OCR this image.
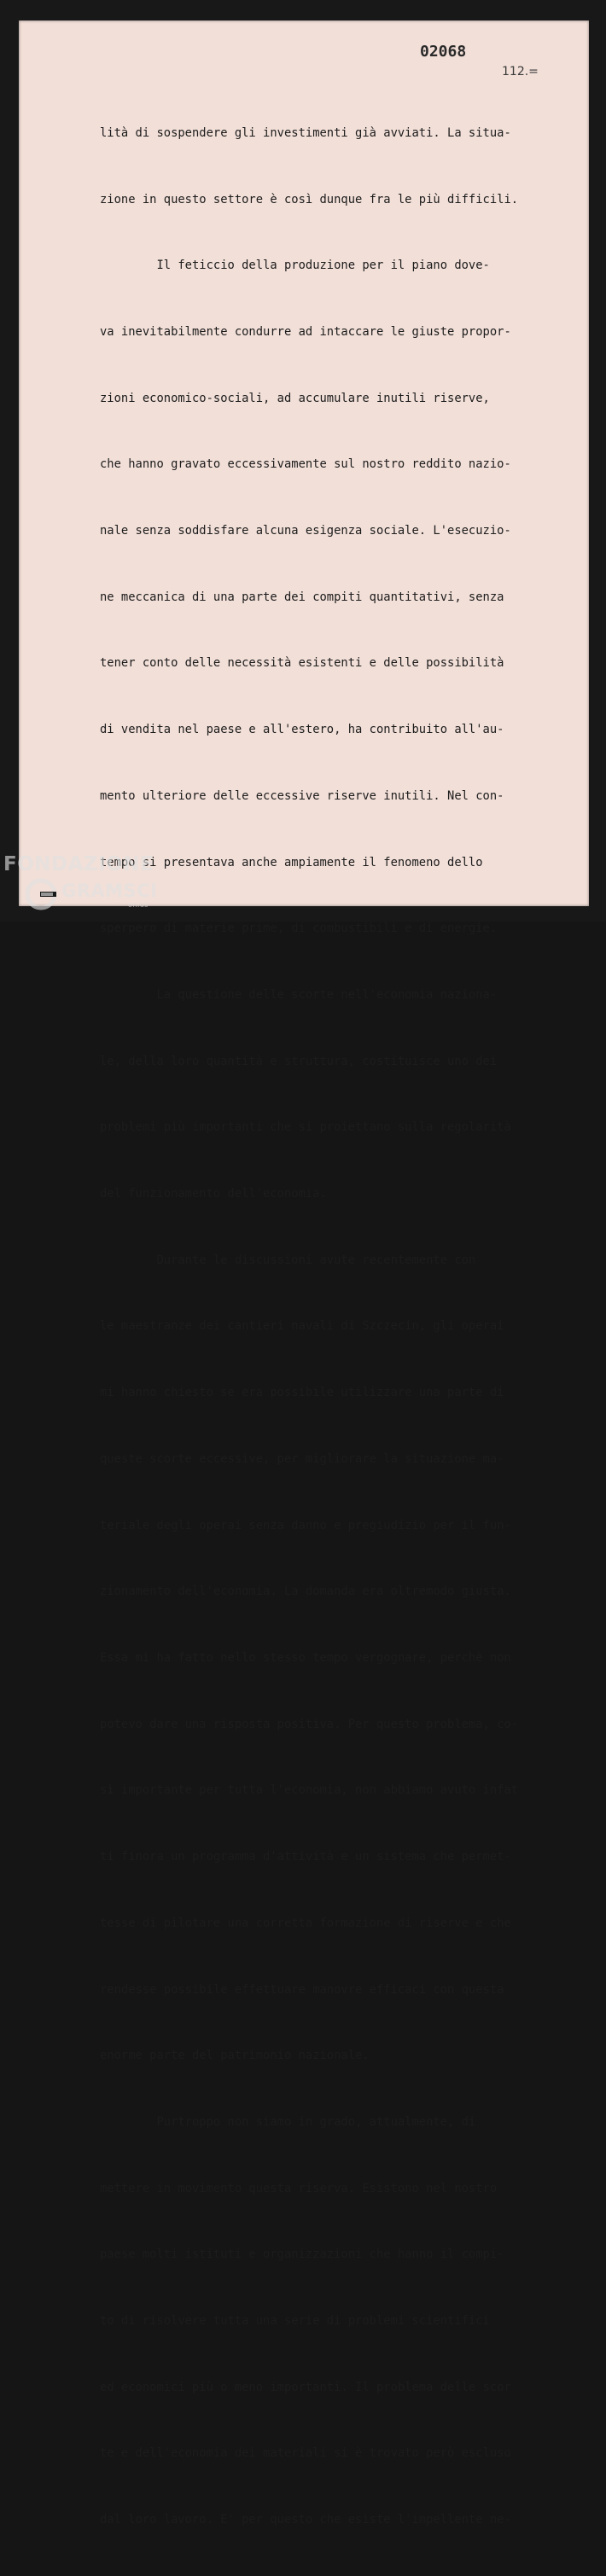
02068
112.=

lità di sospendere gli investimenti già avviati. La situa-

zione in questo settore è così dunque fra le più difficili.

Il feticcio della produzione per il piano dove-

va inevitabilmente condurre ad intaccare le giuste propor-

zioni economico-sociali, ad accumulare inutili riserve,

che hanno gravato eccessivamente sul nostro reddito nazio-

nale senza soddisfare alcuna esigenza sociale. L'esecuzio-

ne meccanica di una parte dei compiti quantitativi, senza

tener conto delle necessità esistenti e delle possibilità

di vendita nel paese e all'estero, ha contribuito all'au-

mento ulteriore delle eccessive riserve inutili. Nel con-

tempo si presentava anche ampiamente il fenomeno dello

sperpero di materie prime, di combustibili e di energie.

La questione delle scorte nell'economia naziona-

le, della loro quantità e struttura, costituisce uno dei

problemi più importanti che si proiettano sulla regolarità

del funzionamento dell'economia.

Durante le discussioni avute recentemente con

le maestranze dei cantieri navali di Szczecin, gli operai

mi hanno chiesto se era possibile utilizzare una parte di

queste scorte eccessive, per migliorare la situazione ma-

teriale degli operai senza danno e pregiudizio per il fun-

zionamento dell'economia. La domanda era oltremodo giusta.

Essa mi ha fatto nello stesso tempo vergognare, perchè non

potevo dare una risposta positiva. Per questo problema, co-

sì importante per tutta l'economia, non abbiamo avuto infat

ti finora un programma d'attività e un sistema che permet-

tesse di pilotare una corretta formazione di riserve e che

rendesse possibile effettuare manovre efficaci con questa

enorme parte del patrimonio nazionale.

Purtroppo non siamo in grado, attualmente, di

mettere in movimento questa riserva. Esistono nel nostro

paese molti istituti e organizzazioni che hanno il compi-

to di risolvere tutta una serie di problemi scientifici

ed economici più o meno importanti. Il problema delle scor

te e dell'economia dei materiali si è trovato però escluso

dal loro lavoro. E' per questo che esiste l'impellente ne-

FONDAZIONE
GRAMSCI
onlus
